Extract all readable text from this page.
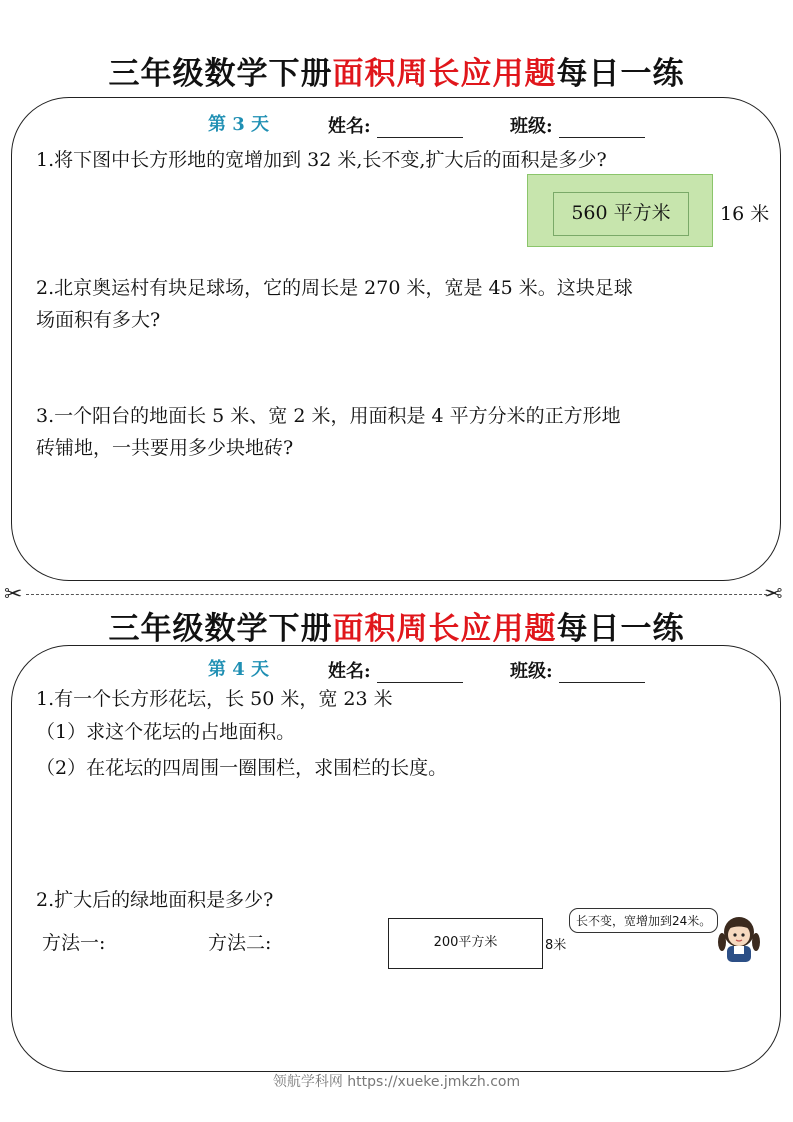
三年级数学下册面积周长应用题每日一练
第 3 天	姓名:	班级:
1.将下图中长方形地的宽增加到 32 米,长不变,扩大后的面积是多少?
560 平方米	16 米
2.北京奥运村有块足球场，它的周长是 270 米，宽是 45 米。这块足球
场面积有多大?
3.一个阳台的地面长 5 米、宽 2 米，用面积是 4 平方分米的正方形地
砖铺地，一共要用多少块地砖?
✂	✂
三年级数学下册面积周长应用题每日一练
第 4 天	姓名:	班级:
1.有一个长方形花坛，长 50 米，宽 23 米
（1）求这个花坛的占地面积。
（2）在花坛的四周围一圈围栏，求围栏的长度。
2.扩大后的绿地面积是多少?
方法一:	方法二:	200平方米	8米
长不变，宽增加到24米。
领航学科网 https://xueke.jmkzh.com
